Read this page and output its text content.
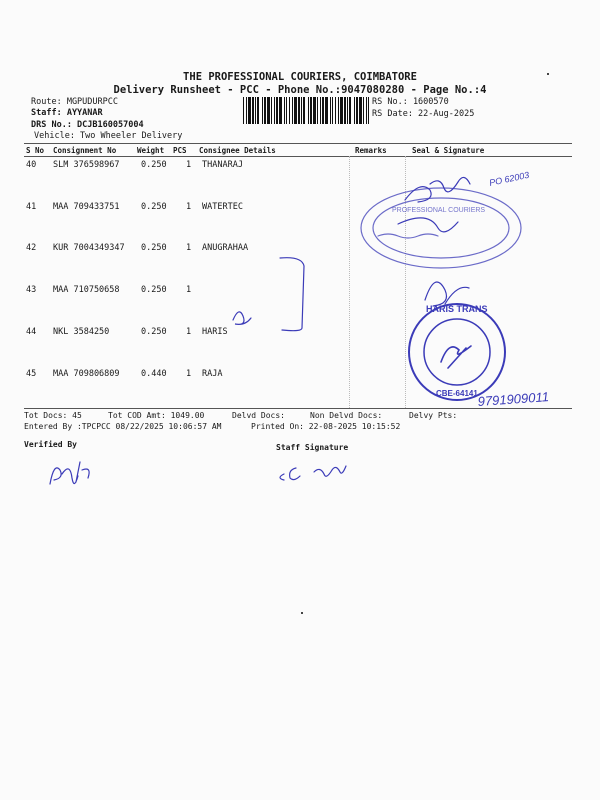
THE PROFESSIONAL COURIERS, COIMBATORE
Delivery Runsheet - PCC - Phone No.:9047080280 - Page No.:4
Route: MGPUDURPCC
Staff: AYYANAR
DRS No.: DCJB160057004
Vehicle: Two Wheeler Delivery
RS No.: 1600570
RS Date: 22-Aug-2025
S No Consignment No	Weight PCS Consignee Details	Remarks	Seal & Signature
40 SLM 376598967	0.250 1 THANARAJ
41 MAA 709433751	0.250 1 WATERTEC
42 KUR 7004349347 0.250 1 ANUGRAHAA
43 MAA 710750658	0.250 1
44 NKL 3584250	0.250 1 HARIS
45 MAA 709806809	0.440 1 RAJA
Tot Docs: 45	Tot COD Amt: 1049.00	Delvd Docs:	Non Delvd Docs:	Delvy Pts:
Entered By :TPCPCC 08/22/2025 10:06:57 AM	Printed On: 22-08-2025 10:15:52
Verified By	Staff Signature
PROFESSIONAL COURIERS
HARIS TRANS
CBE-64141 9791909011
PO 62003
